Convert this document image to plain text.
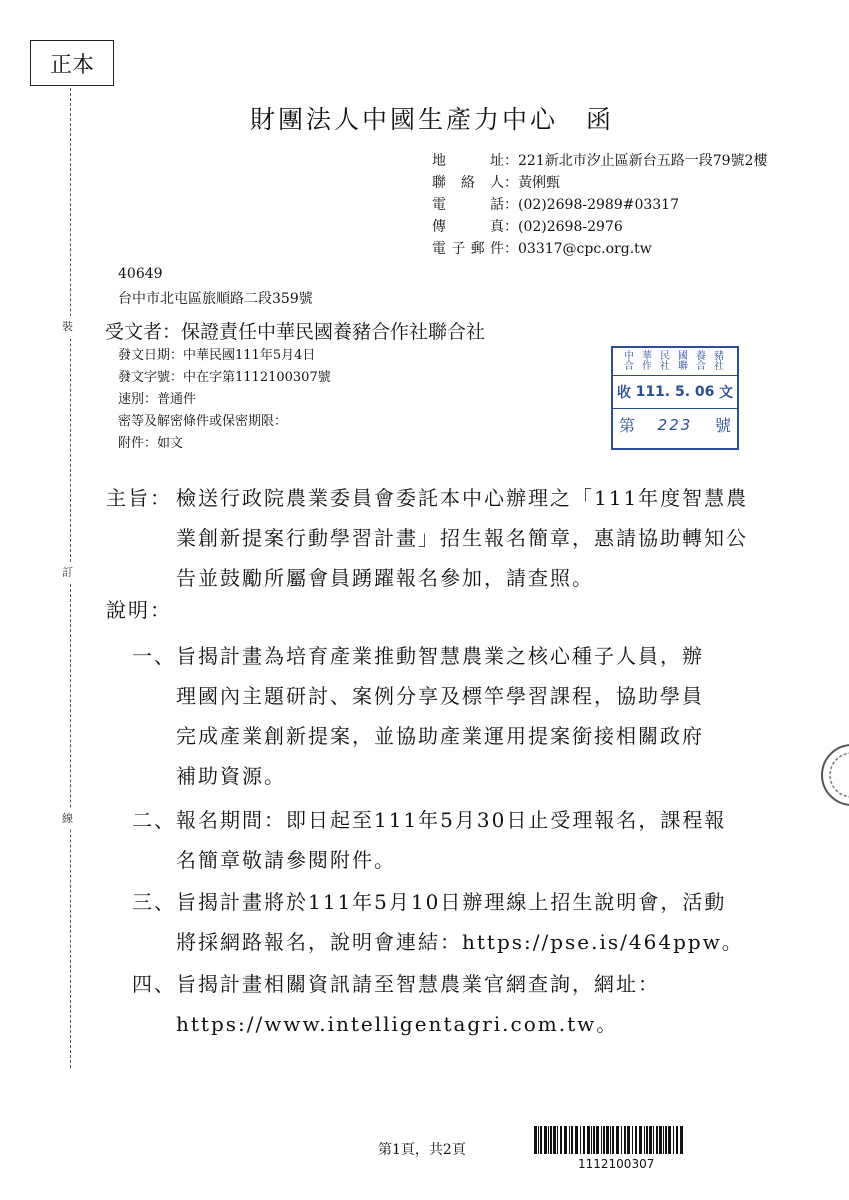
正本
裝
訂
線
財團法人中國生產力中心　函
地	址 ： 221新北市汐止區新台五路一段79號2樓
聯 絡 人 ： 黃俐甄
電	話 ： (02)2698-2989#03317
傳	真 ： (02)2698-2976
電 子 郵 件 ： 03317@cpc.org.tw
40649
台中市北屯區旅順路二段359號
受文者：保證責任中華民國養豬合作社聯合社
發文日期：中華民國111年5月4日
發文字號：中在字第1112100307號
速別：普通件
密等及解密條件或保密期限：
附件：如文
中
合
華
作
民
社
國
聯
養
合
豬
社
收 111. 5. 06 文
第 223 號
主旨： 檢送行政院農業委員會委託本中心辦理之「111年度智慧農業創新提案行動學習計畫」招生報名簡章，惠請協助轉知公告並鼓勵所屬會員踴躍報名參加，請查照。
說明：
一、 旨揭計畫為培育產業推動智慧農業之核心種子人員，辦
理國內主題研討、案例分享及標竿學習課程，協助學員
完成產業創新提案，並協助產業運用提案銜接相關政府
補助資源。
二、 報名期間：即日起至111年5月30日止受理報名，課程報
名簡章敬請參閱附件。
三、 旨揭計畫將於111年5月10日辦理線上招生說明會，活動
將採網路報名，說明會連結：https://pse.is/464ppw。
四、 旨揭計畫相關資訊請至智慧農業官網查詢，網址：
https://www.intelligentagri.com.tw。
第1頁，共2頁
1112100307
